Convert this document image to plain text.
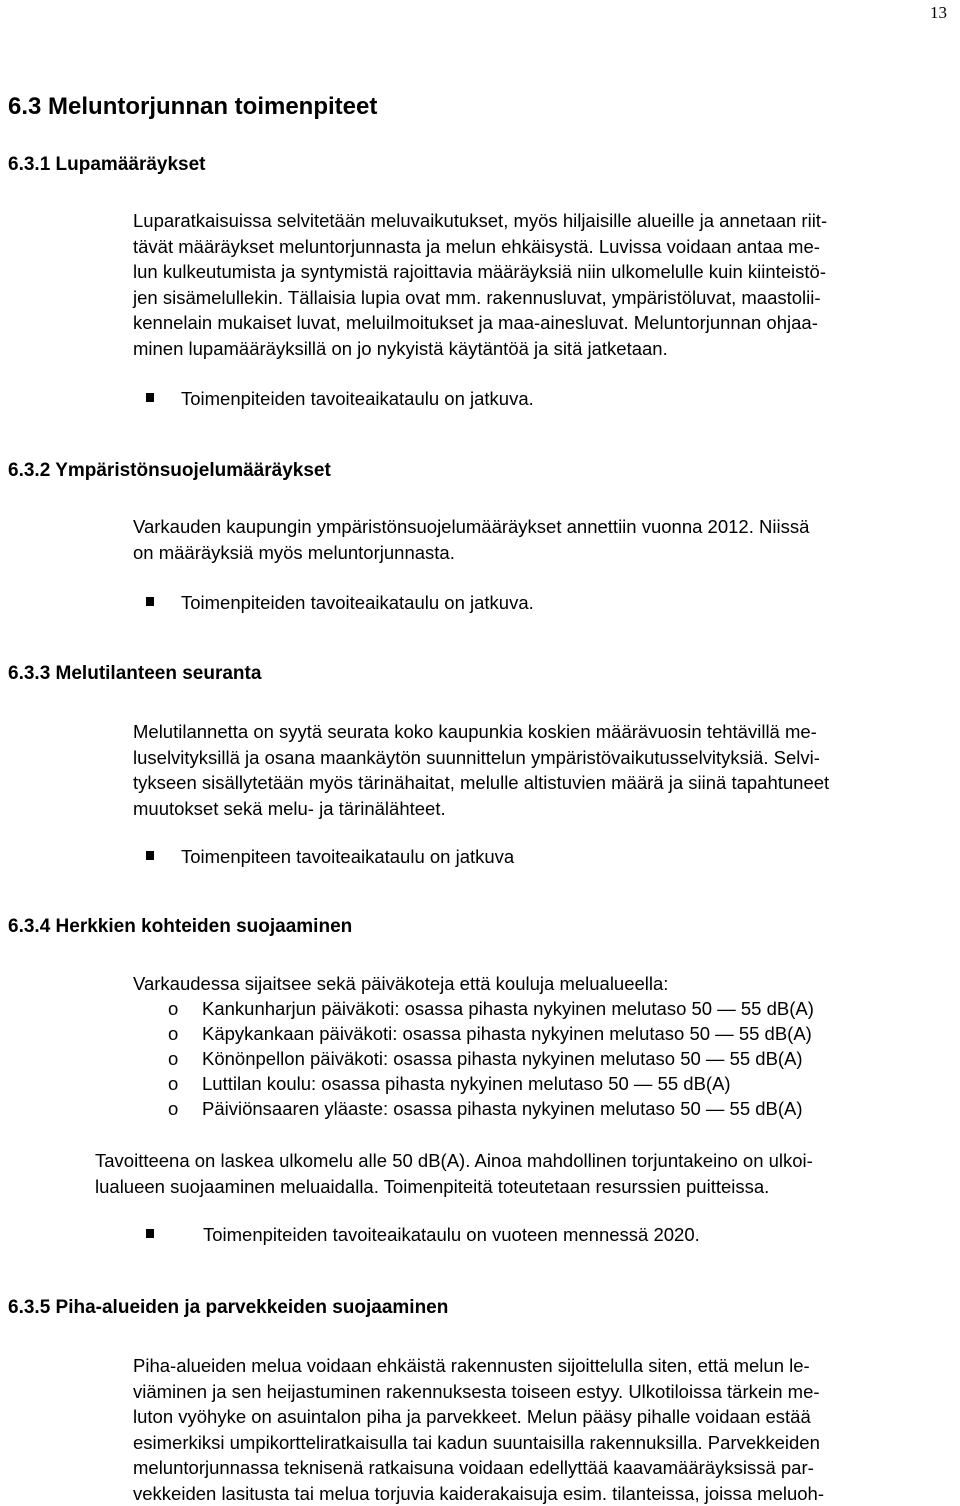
13
6.3 Meluntorjunnan toimenpiteet
6.3.1 Lupamääräykset
Luparatkaisuissa selvitetään meluvaikutukset, myös hiljaisille alueille ja annetaan riit-
tävät määräykset meluntorjunnasta ja melun ehkäisystä. Luvissa voidaan antaa me-
lun kulkeutumista ja syntymistä rajoittavia määräyksiä niin ulkomelulle kuin kiinteistö-
jen sisämelullekin. Tällaisia lupia ovat mm. rakennusluvat, ympäristöluvat, maastolii-
kennelain mukaiset luvat, meluilmoitukset ja maa-ainesluvat. Meluntorjunnan ohjaa-
minen lupamääräyksillä on jo nykyistä käytäntöä ja sitä jatketaan.
Toimenpiteiden tavoiteaikataulu on jatkuva.
6.3.2 Ympäristönsuojelumääräykset
Varkauden kaupungin ympäristönsuojelumääräykset annettiin vuonna 2012. Niissä
on määräyksiä myös meluntorjunnasta.
Toimenpiteiden tavoiteaikataulu on jatkuva.
6.3.3 Melutilanteen seuranta
Melutilannetta on syytä seurata koko kaupunkia koskien määrävuosin tehtävillä me-
luselvityksillä ja osana maankäytön suunnittelun ympäristövaikutusselvityksiä. Selvi-
tykseen sisällytetään myös tärinähaitat, melulle altistuvien määrä ja siinä tapahtuneet
muutokset sekä melu- ja tärinälähteet.
Toimenpiteen tavoiteaikataulu on jatkuva
6.3.4 Herkkien kohteiden suojaaminen
Varkaudessa sijaitsee sekä päiväkoteja että kouluja melualueella:
o Kankunharjun päiväkoti: osassa pihasta nykyinen melutaso 50 — 55 dB(A)
o Käpykankaan päiväkoti: osassa pihasta nykyinen melutaso 50 — 55 dB(A)
o Könönpellon päiväkoti: osassa pihasta nykyinen melutaso 50 — 55 dB(A)
o Luttilan koulu: osassa pihasta nykyinen melutaso 50 — 55 dB(A)
o Päiviönsaaren yläaste: osassa pihasta nykyinen melutaso 50 — 55 dB(A)
Tavoitteena on laskea ulkomelu alle 50 dB(A). Ainoa mahdollinen torjuntakeino on ulkoi-
lualueen suojaaminen meluaidalla. Toimenpiteitä toteutetaan resurssien puitteissa.
Toimenpiteiden tavoiteaikataulu on vuoteen mennessä 2020.
6.3.5 Piha-alueiden ja parvekkeiden suojaaminen
Piha-alueiden melua voidaan ehkäistä rakennusten sijoittelulla siten, että melun le-
viäminen ja sen heijastuminen rakennuksesta toiseen estyy. Ulkotiloissa tärkein me-
luton vyöhyke on asuintalon piha ja parvekkeet. Melun pääsy pihalle voidaan estää
esimerkiksi umpikortteliratkaisulla tai kadun suuntaisilla rakennuksilla. Parvekkeiden
meluntorjunnassa teknisenä ratkaisuna voidaan edellyttää kaavamääräyksissä par-
vekkeiden lasitusta tai melua torjuvia kaiderakaisuja esim. tilanteissa, joissa meluoh-
